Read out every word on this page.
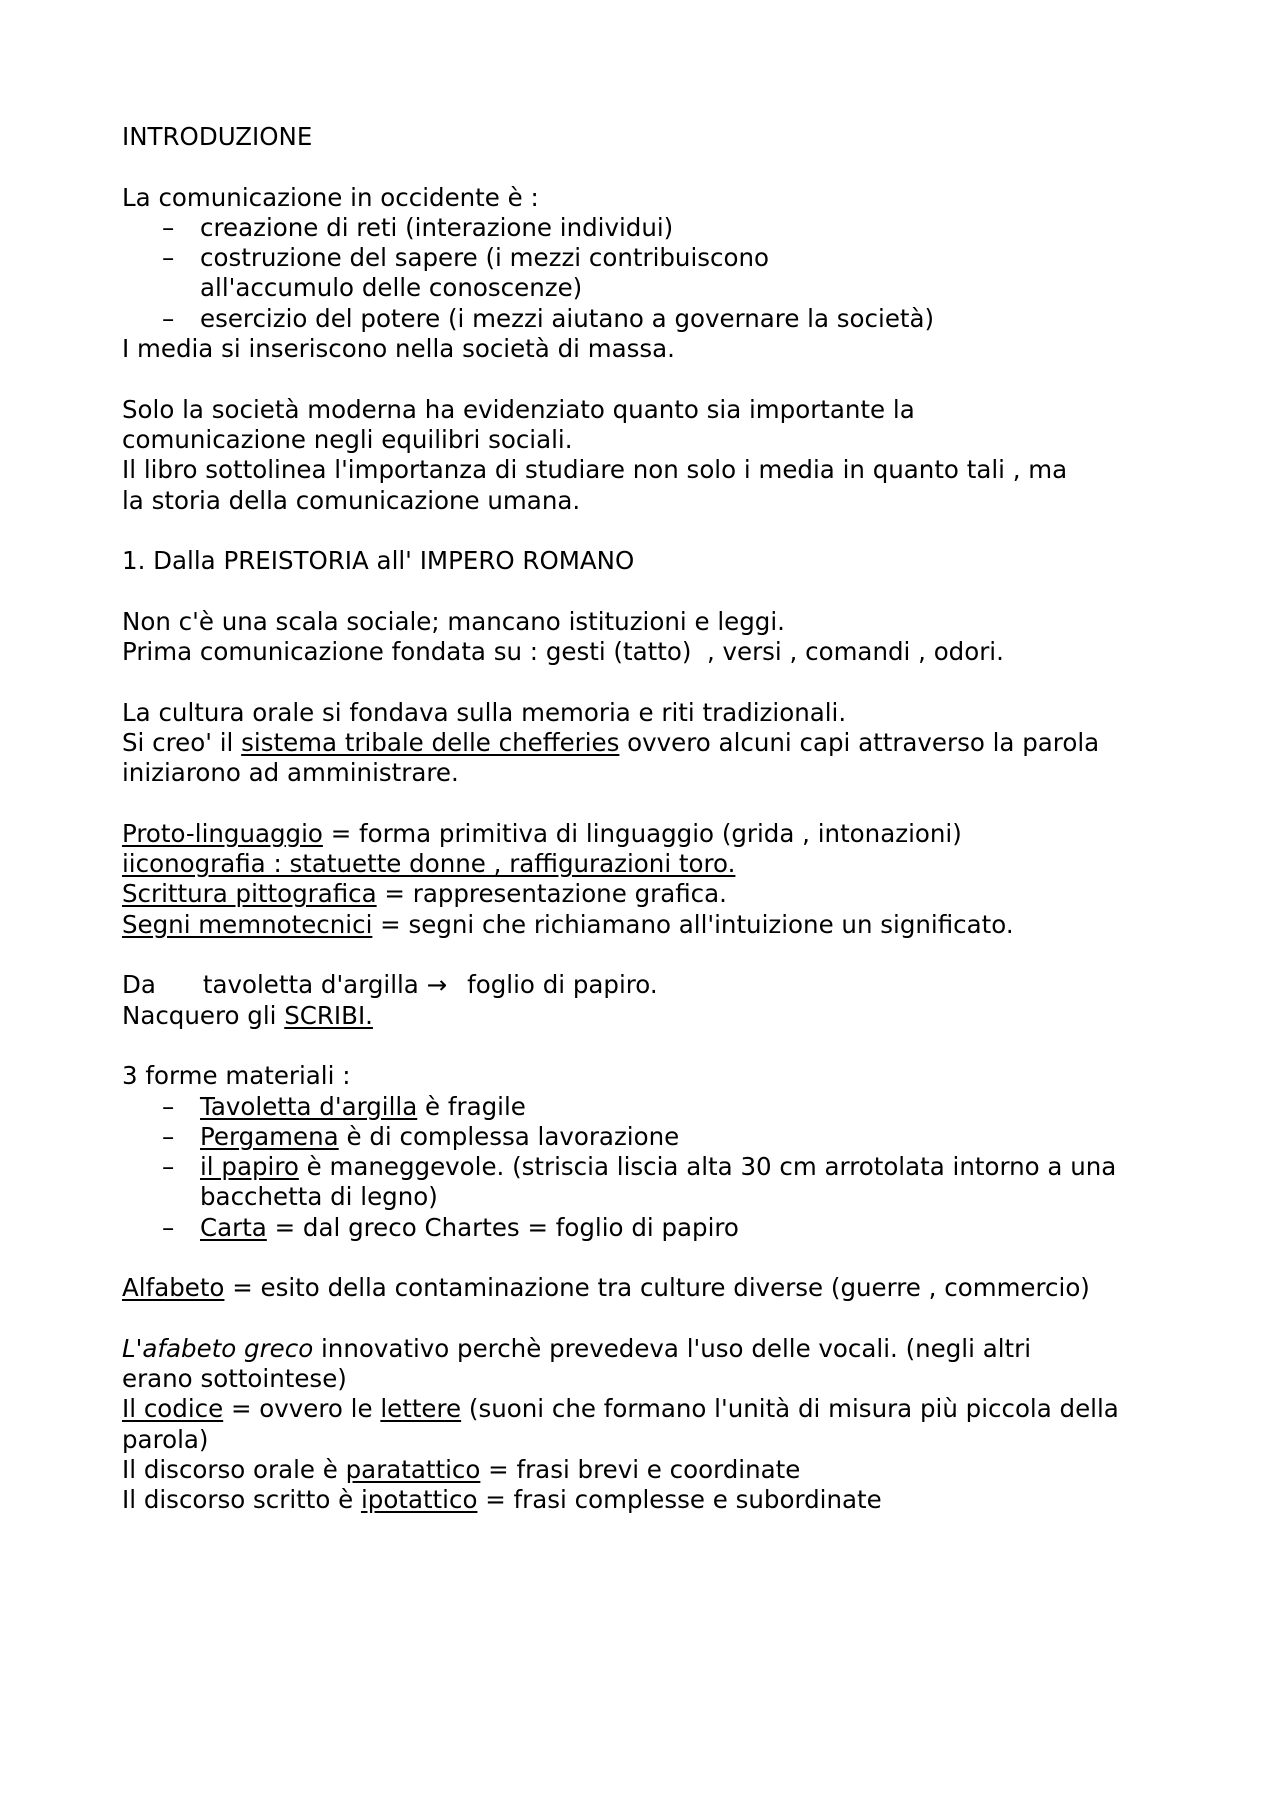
INTRODUZIONE
La comunicazione in occidente è :
– creazione di reti (interazione individui)
– costruzione del sapere (i mezzi contribuiscono all'accumulo delle conoscenze)
– esercizio del potere (i mezzi aiutano a governare la società)
I media si inseriscono nella società di massa.
Solo la società moderna ha evidenziato quanto sia importante la comunicazione negli equilibri sociali.
Il libro sottolinea l'importanza di studiare non solo i media in quanto tali , ma la storia della comunicazione umana.
1. Dalla PREISTORIA all' IMPERO ROMANO
Non c'è una scala sociale; mancano istituzioni e leggi.
Prima comunicazione fondata su : gesti (tatto)  , versi , comandi , odori.
La cultura orale si fondava sulla memoria e riti tradizionali.
Si creo' il sistema tribale delle chefferies ovvero alcuni capi attraverso la parola iniziarono ad amministrare.
Proto-linguaggio = forma primitiva di linguaggio (grida , intonazioni)
iiconografia : statuette donne , raffigurazioni toro.
Scrittura pittografica = rappresentazione grafica.
Segni memnotecnici = segni che richiamano all'intuizione un significato.
Da tavoletta d'argilla → foglio di papiro.
Nacquero gli SCRIBI.
3 forme materiali :
– Tavoletta d'argilla è fragile
– Pergamena è di complessa lavorazione
– il papiro è maneggevole. (striscia liscia alta 30 cm arrotolata intorno a una bacchetta di legno)
– Carta = dal greco Chartes = foglio di papiro
Alfabeto = esito della contaminazione tra culture diverse (guerre , commercio)
L'afabeto greco innovativo perchè prevedeva l'uso delle vocali. (negli altri erano sottointese)
Il codice = ovvero le lettere (suoni che formano l'unità di misura più piccola della parola)
Il discorso orale è paratattico = frasi brevi e coordinate
Il discorso scritto è ipotattico = frasi complesse e subordinate
